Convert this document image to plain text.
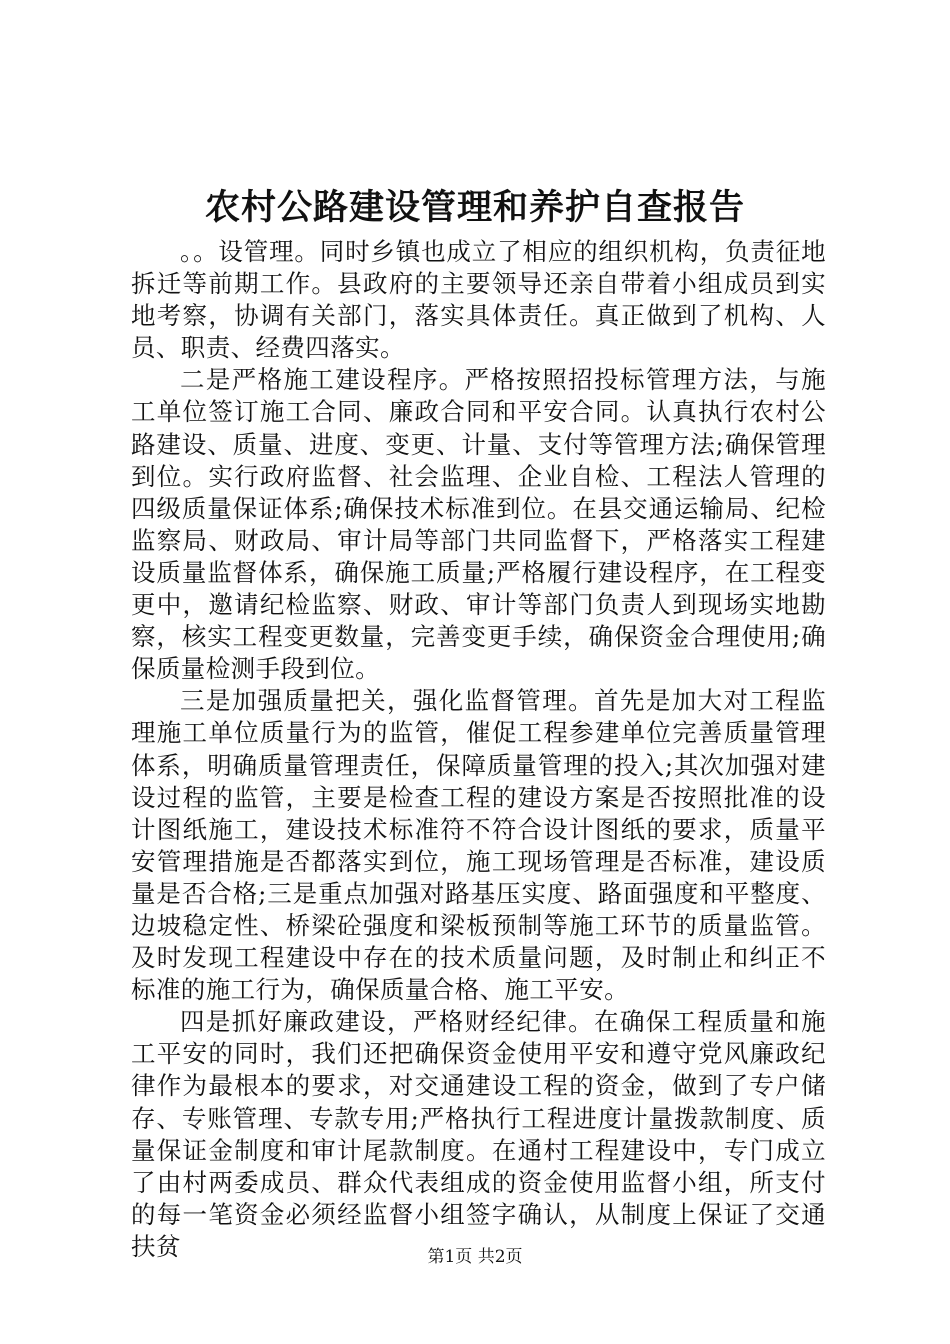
农村公路建设管理和养护自查报告

。。设管理。同时乡镇也成立了相应的组织机构，负责征地拆迁等前期工作。县政府的主要领导还亲自带着小组成员到实地考察，协调有关部门，落实具体责任。真正做到了机构、人员、职责、经费四落实。

二是严格施工建设程序。严格按照招投标管理方法，与施工单位签订施工合同、廉政合同和平安合同。认真执行农村公路建设、质量、进度、变更、计量、支付等管理方法;确保管理到位。实行政府监督、社会监理、企业自检、工程法人管理的四级质量保证体系;确保技术标准到位。在县交通运输局、纪检监察局、财政局、审计局等部门共同监督下，严格落实工程建设质量监督体系，确保施工质量;严格履行建设程序，在工程变更中，邀请纪检监察、财政、审计等部门负责人到现场实地勘察，核实工程变更数量，完善变更手续，确保资金合理使用;确保质量检测手段到位。

三是加强质量把关，强化监督管理。首先是加大对工程监理施工单位质量行为的监管，催促工程参建单位完善质量管理体系，明确质量管理责任，保障质量管理的投入;其次加强对建设过程的监管，主要是检查工程的建设方案是否按照批准的设计图纸施工，建设技术标准符不符合设计图纸的要求，质量平安管理措施是否都落实到位，施工现场管理是否标准，建设质量是否合格;三是重点加强对路基压实度、路面强度和平整度、边坡稳定性、桥梁砼强度和梁板预制等施工环节的质量监管。及时发现工程建设中存在的技术质量问题，及时制止和纠正不标准的施工行为，确保质量合格、施工平安。

四是抓好廉政建设，严格财经纪律。在确保工程质量和施工平安的同时，我们还把确保资金使用平安和遵守党风廉政纪律作为最根本的要求，对交通建设工程的资金，做到了专户储存、专账管理、专款专用;严格执行工程进度计量拨款制度、质量保证金制度和审计尾款制度。在通村工程建设中，专门成立了由村两委成员、群众代表组成的资金使用监督小组，所支付的每一笔资金必须经监督小组签字确认，从制度上保证了交通扶贫	第1页 共2页
